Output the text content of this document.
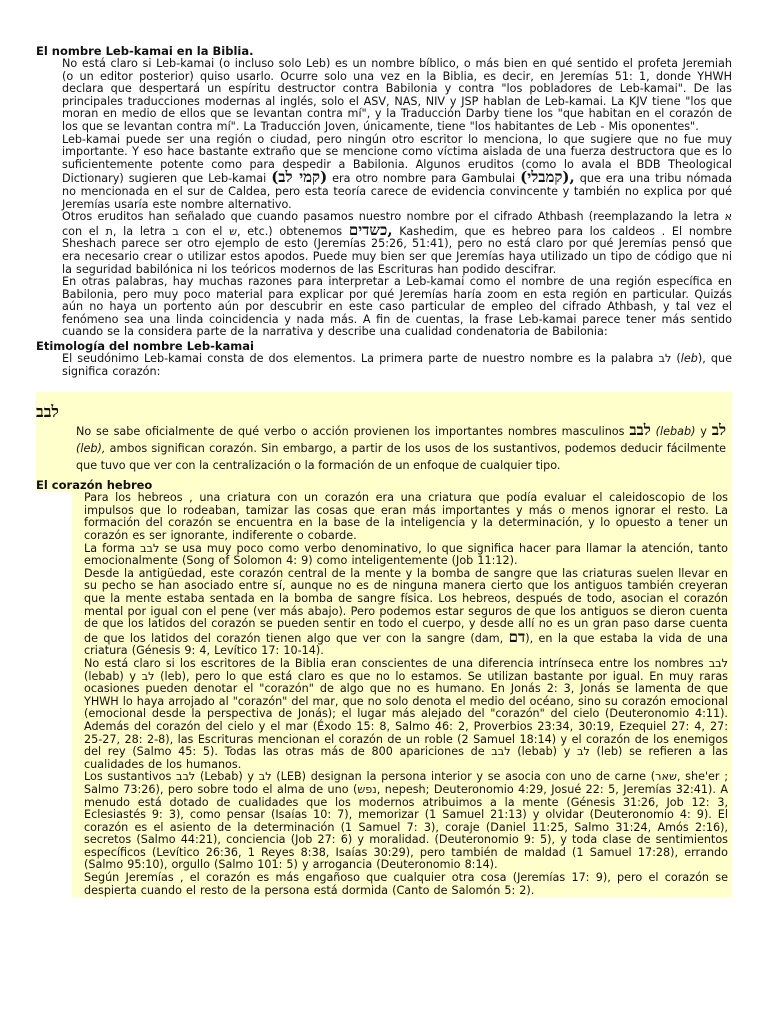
El nombre Leb-kamai en la Biblia.

No está claro si Leb-kamai (o incluso solo Leb) es un nombre bíblico, o más bien en qué sentido el profeta Jeremiah (o un editor posterior) quiso usarlo. Ocurre solo una vez en la Biblia, es decir, en Jeremías 51: 1, donde YHWH declara que despertará un espíritu destructor contra Babilonia y contra "los pobladores de Leb-kamai". De las principales traducciones modernas al inglés, solo el ASV, NAS, NIV y JSP hablan de Leb-kamai. La KJV tiene "los que moran en medio de ellos que se levantan contra mí", y la Traducción Darby tiene los "que habitan en el corazón de los que se levantan contra mí". La Traducción Joven, únicamente, tiene "los habitantes de Leb - Mis oponentes".

Leb-kamai puede ser una región o ciudad, pero ningún otro escritor lo menciona, lo que sugiere que no fue muy importante. Y eso hace bastante extraño que se mencione como víctima aislada de una fuerza destructora que es lo suficientemente potente como para despedir a Babilonia. Algunos eruditos (como lo avala el BDB Theological Dictionary) sugieren que Leb-kamai (קמי לב) era otro nombre para Gambulai (קמבלי), que era una tribu nómada no mencionada en el sur de Caldea, pero esta teoría carece de evidencia convincente y también no explica por qué Jeremías usaría este nombre alternativo.

Otros eruditos han señalado que cuando pasamos nuestro nombre por el cifrado Athbash (reemplazando la letra א con el ת, la letra ב con el ש, etc.) obtenemos כשדים, Kashedim, que es hebreo para los caldeos . El nombre Sheshach parece ser otro ejemplo de esto (Jeremías 25:26, 51:41), pero no está claro por qué Jeremías pensó que era necesario crear o utilizar estos apodos. Puede muy bien ser que Jeremías haya utilizado un tipo de código que ni la seguridad babilónica ni los teóricos modernos de las Escrituras han podido descifrar.

En otras palabras, hay muchas razones para interpretar a Leb-kamai como el nombre de una región específica en Babilonia, pero muy poco material para explicar por qué Jeremías haría zoom en esta región en particular. Quizás aún no haya un portento aún por descubrir en este caso particular de empleo del cifrado Athbash, y tal vez el fenómeno sea una linda coincidencia y nada más. A fin de cuentas, la frase Leb-kamai parece tener más sentido cuando se la considera parte de la narrativa y describe una cualidad condenatoria de Babilonia:

Etimología del nombre Leb-kamai

El seudónimo Leb-kamai consta de dos elementos. La primera parte de nuestro nombre es la palabra לב (leb), que significa corazón:

לבב

No se sabe oficialmente de qué verbo o acción provienen los importantes nombres masculinos לבב (lebab) y לב (leb), ambos significan corazón. Sin embargo, a partir de los usos de los sustantivos, podemos deducir fácilmente que tuvo que ver con la centralización o la formación de un enfoque de cualquier tipo.

El corazón hebreo

Para los hebreos , una criatura con un corazón era una criatura que podía evaluar el caleidoscopio de los impulsos que lo rodeaban, tamizar las cosas que eran más importantes y más o menos ignorar el resto. La formación del corazón se encuentra en la base de la inteligencia y la determinación, y lo opuesto a tener un corazón es ser ignorante, indiferente o cobarde.

La forma לבב se usa muy poco como verbo denominativo, lo que significa hacer para llamar la atención, tanto emocionalmente (Song of Solomon 4: 9) como inteligentemente (Job 11:12).

Desde la antigüedad, este corazón central de la mente y la bomba de sangre que las criaturas suelen llevar en su pecho se han asociado entre sí, aunque no es de ninguna manera cierto que los antiguos también creyeran que la mente estaba sentada en la bomba de sangre física. Los hebreos, después de todo, asocian el corazón mental por igual con el pene (ver más abajo). Pero podemos estar seguros de que los antiguos se dieron cuenta de que los latidos del corazón se pueden sentir en todo el cuerpo, y desde allí no es un gran paso darse cuenta de que los latidos del corazón tienen algo que ver con la sangre (dam, דם), en la que estaba la vida de una criatura (Génesis 9: 4, Levítico 17: 10-14).

No está claro si los escritores de la Biblia eran conscientes de una diferencia intrínseca entre los nombres לבב (lebab) y לב (leb), pero lo que está claro es que no lo estamos. Se utilizan bastante por igual. En muy raras ocasiones pueden denotar el "corazón" de algo que no es humano. En Jonás 2: 3, Jonás se lamenta de que YHWH lo haya arrojado al "corazón" del mar, que no solo denota el medio del océano, sino su corazón emocional (emocional desde la perspectiva de Jonás); el lugar más alejado del "corazón" del cielo (Deuteronomio 4:11). Además del corazón del cielo y el mar (Éxodo 15: 8, Salmo 46: 2, Proverbios 23:34, 30:19, Ezequiel 27: 4, 27: 25-27, 28: 2-8), las Escrituras mencionan el corazón de un roble (2 Samuel 18:14) y el corazón de los enemigos del rey (Salmo 45: 5). Todas las otras más de 800 apariciones de לבב (lebab) y לב (leb) se refieren a las cualidades de los humanos.

Los sustantivos לבב (Lebab) y לב (LEB) designan la persona interior y se asocia con uno de carne (שאר, she'er ; Salmo 73:26), pero sobre todo el alma de uno (נפש, nepesh; Deuteronomio 4:29, Josué 22: 5, Jeremías 32:41). A menudo está dotado de cualidades que los modernos atribuimos a la mente (Génesis 31:26, Job 12: 3, Eclesiastés 9: 3), como pensar (Isaías 10: 7), memorizar (1 Samuel 21:13) y olvidar (Deuteronomio 4: 9). El corazón es el asiento de la determinación (1 Samuel 7: 3), coraje (Daniel 11:25, Salmo 31:24, Amós 2:16), secretos (Salmo 44:21), conciencia (Job 27: 6) y moralidad. (Deuteronomio 9: 5), y toda clase de sentimientos específicos (Levítico 26:36, 1 Reyes 8:38, Isaías 30:29), pero también de maldad (1 Samuel 17:28), errando (Salmo 95:10), orgullo (Salmo 101: 5) y arrogancia (Deuteronomio 8:14).

Según Jeremías , el corazón es más engañoso que cualquier otra cosa (Jeremías 17: 9), pero el corazón se despierta cuando el resto de la persona está dormida (Canto de Salomón 5: 2).
